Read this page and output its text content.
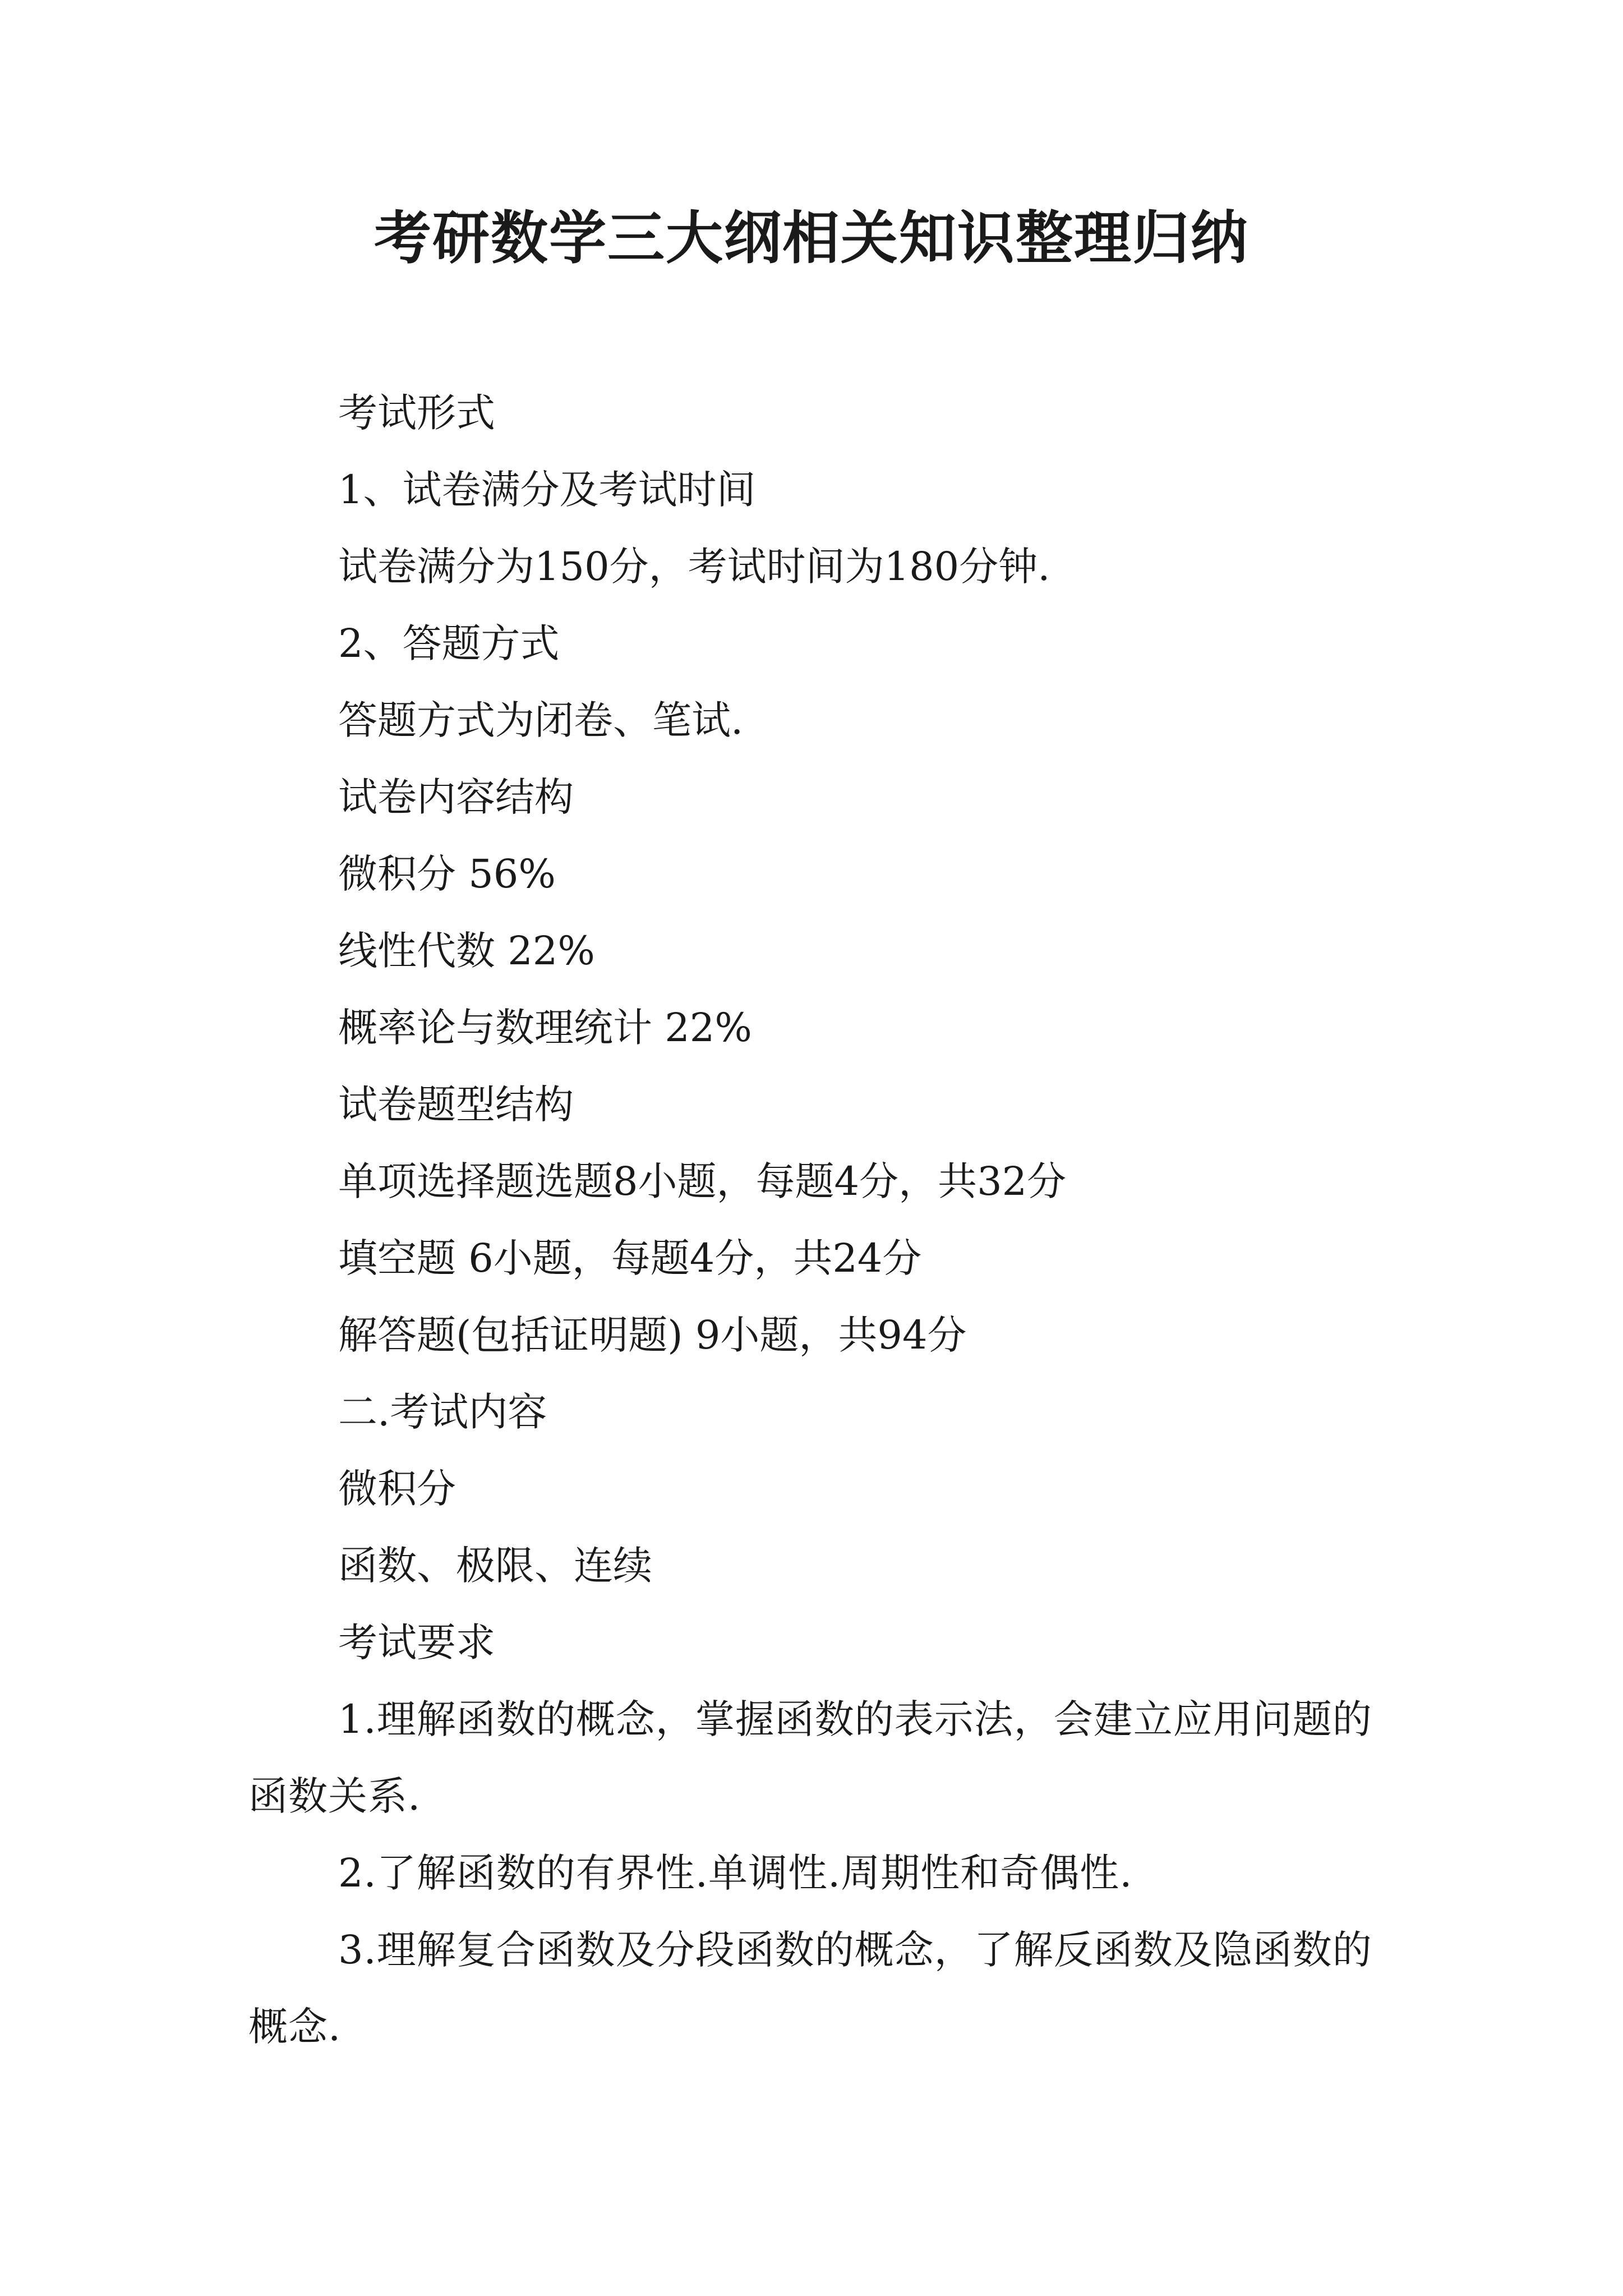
考研数学三大纲相关知识整理归纳
考试形式
1、试卷满分及考试时间
试卷满分为150分，考试时间为180分钟.
2、答题方式
答题方式为闭卷、笔试.
试卷内容结构
微积分 56%
线性代数 22%
概率论与数理统计 22%
试卷题型结构
单项选择题选题8小题，每题4分，共32分
填空题 6小题，每题4分，共24分
解答题(包括证明题) 9小题，共94分
二.考试内容
微积分
函数、极限、连续
考试要求
1.理解函数的概念，掌握函数的表示法，会建立应用问题的函数关系.
2.了解函数的有界性.单调性.周期性和奇偶性.
3.理解复合函数及分段函数的概念，了解反函数及隐函数的概念.
